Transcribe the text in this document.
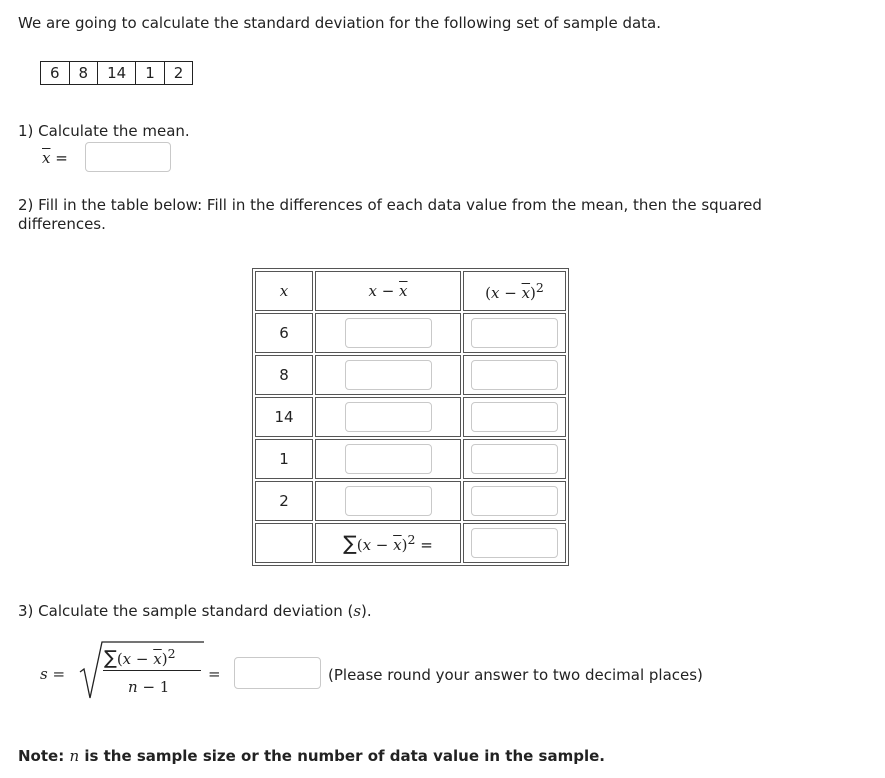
We are going to calculate the standard deviation for the following set of sample data.
6	8	14	1	2
1) Calculate the mean.
$\overline{x}$ =
2) Fill in the table below: Fill in the differences of each data value from the mean, then the squared differences.
x	$x - \overline{x}$	$(x - \overline{x})^2$
6		
8		
14		
1		
2		
	$\sum(x - \overline{x})^2$ =	
3) Calculate the sample standard deviation (s).
s =
$\sum(x - \overline{x})^2$
n − 1
=	(Please round your answer to two decimal places)
Note: n is the sample size or the number of data value in the sample.
